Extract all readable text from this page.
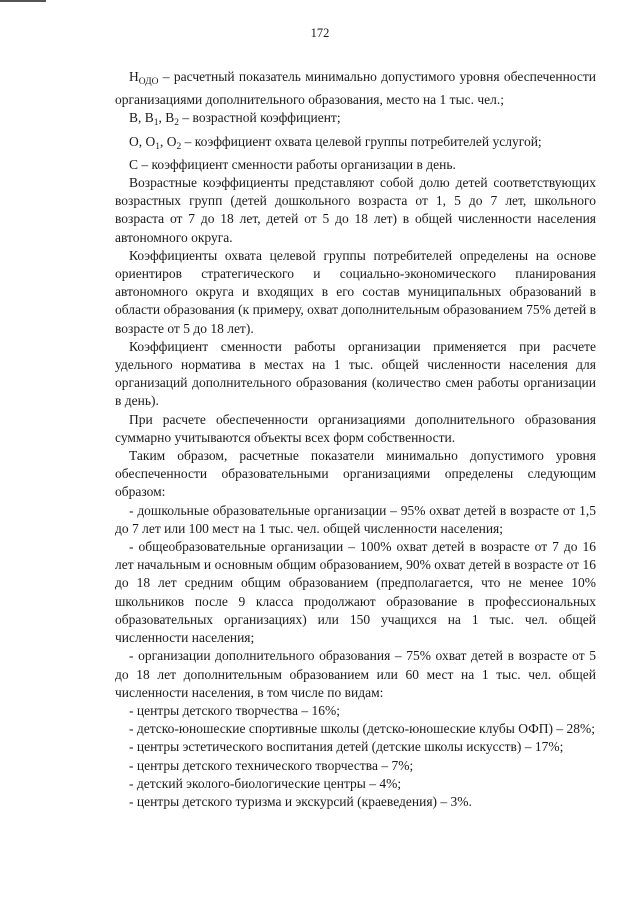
172

$Н_{ОДО}$ – расчетный показатель минимально допустимого уровня обеспеченности организациями дополнительного образования, место на 1 тыс. чел.;

В, $В_1$, $В_2$ – возрастной коэффициент;

О, $О_1$, $О_2$ – коэффициент охвата целевой группы потребителей услугой;

С – коэффициент сменности работы организации в день.

Возрастные коэффициенты представляют собой долю детей соответствующих возрастных групп (детей дошкольного возраста от 1, 5 до 7 лет, школьного возраста от 7 до 18 лет, детей от 5 до 18 лет) в общей численности населения автономного округа.

Коэффициенты охвата целевой группы потребителей определены на основе ориентиров стратегического и социально-экономического планирования автономного округа и входящих в его состав муниципальных образований в области образования (к примеру, охват дополнительным образованием 75% детей в возрасте от 5 до 18 лет).

Коэффициент сменности работы организации применяется при расчете удельного норматива в местах на 1 тыс. общей численности населения для организаций дополнительного образования (количество смен работы организации в день).

При расчете обеспеченности организациями дополнительного образования суммарно учитываются объекты всех форм собственности.

Таким образом, расчетные показатели минимально допустимого уровня обеспеченности образовательными организациями определены следующим образом:

- дошкольные образовательные организации – 95% охват детей в возрасте от 1,5 до 7 лет или 100 мест на 1 тыс. чел. общей численности населения;

- общеобразовательные организации – 100% охват детей в возрасте от 7 до 16 лет начальным и основным общим образованием, 90% охват детей в возрасте от 16 до 18 лет средним общим образованием (предполагается, что не менее 10% школьников после 9 класса продолжают образование в профессиональных образовательных организациях) или 150 учащихся на 1 тыс. чел. общей численности населения;

- организации дополнительного образования – 75% охват детей в возрасте от 5 до 18 лет дополнительным образованием или 60 мест на 1 тыс. чел. общей численности населения, в том числе по видам:

- центры детского творчества – 16%;

- детско-юношеские спортивные школы (детско-юношеские клубы ОФП) – 28%;

- центры эстетического воспитания детей (детские школы искусств) – 17%;

- центры детского технического творчества – 7%;

- детский эколого-биологические центры – 4%;

- центры детского туризма и экскурсий (краеведения) – 3%.
